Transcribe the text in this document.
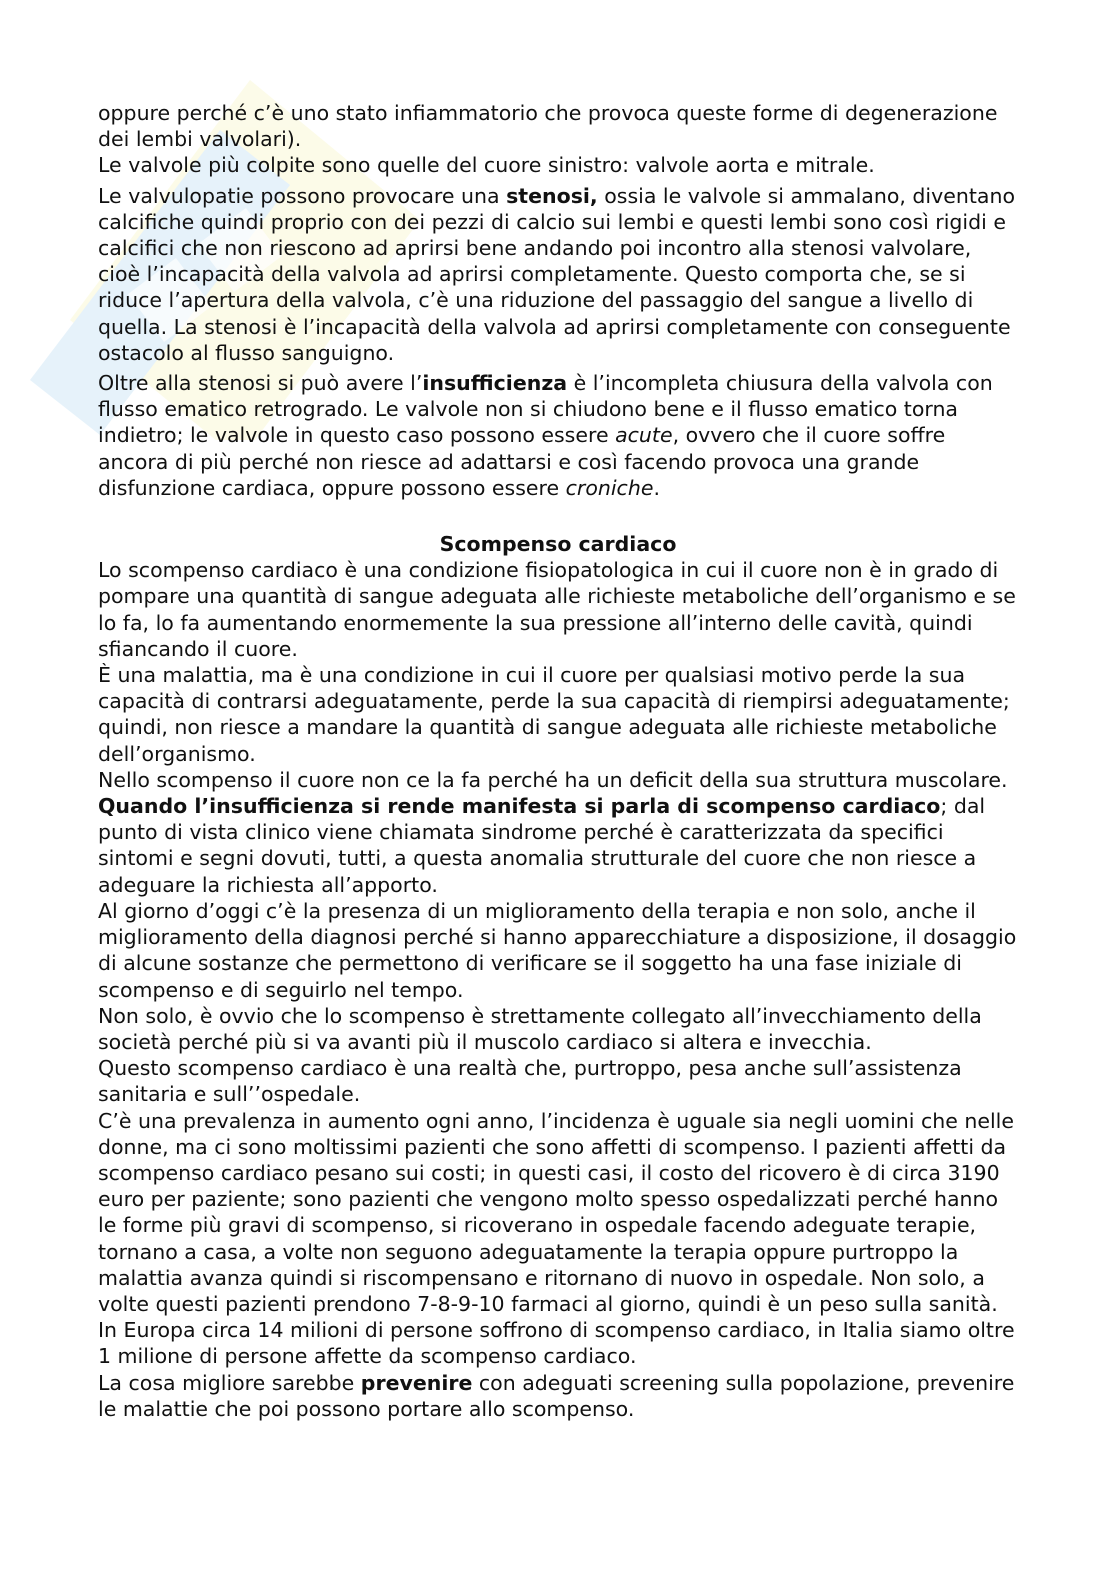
oppure perché c’è uno stato infiammatorio che provoca queste forme di degenerazione dei lembi valvolari).

Le valvole più colpite sono quelle del cuore sinistro: valvole aorta e mitrale.

Le valvulopatie possono provocare una stenosi, ossia le valvole si ammalano, diventano calcifiche quindi proprio con dei pezzi di calcio sui lembi e questi lembi sono così rigidi e calcifici che non riescono ad aprirsi bene andando poi incontro alla stenosi valvolare, cioè l’incapacità della valvola ad aprirsi completamente. Questo comporta che, se si riduce l’apertura della valvola, c’è una riduzione del passaggio del sangue a livello di quella. La stenosi è l’incapacità della valvola ad aprirsi completamente con conseguente ostacolo al flusso sanguigno.

Oltre alla stenosi si può avere l’insufficienza è l’incompleta chiusura della valvola con flusso ematico retrogrado. Le valvole non si chiudono bene e il flusso ematico torna indietro; le valvole in questo caso possono essere acute, ovvero che il cuore soffre ancora di più perché non riesce ad adattarsi e così facendo provoca una grande disfunzione cardiaca, oppure possono essere croniche.

Scompenso cardiaco

Lo scompenso cardiaco è una condizione fisiopatologica in cui il cuore non è in grado di pompare una quantità di sangue adeguata alle richieste metaboliche dell’organismo e se lo fa, lo fa aumentando enormemente la sua pressione all’interno delle cavità, quindi sfiancando il cuore.

È una malattia, ma è una condizione in cui il cuore per qualsiasi motivo perde la sua capacità di contrarsi adeguatamente, perde la sua capacità di riempirsi adeguatamente; quindi, non riesce a mandare la quantità di sangue adeguata alle richieste metaboliche dell’organismo.

Nello scompenso il cuore non ce la fa perché ha un deficit della sua struttura muscolare.

Quando l’insufficienza si rende manifesta si parla di scompenso cardiaco; dal punto di vista clinico viene chiamata sindrome perché è caratterizzata da specifici sintomi e segni dovuti, tutti, a questa anomalia strutturale del cuore che non riesce a adeguare la richiesta all’apporto.

Al giorno d’oggi c’è la presenza di un miglioramento della terapia e non solo, anche il miglioramento della diagnosi perché si hanno apparecchiature a disposizione, il dosaggio di alcune sostanze che permettono di verificare se il soggetto ha una fase iniziale di scompenso e di seguirlo nel tempo.

Non solo, è ovvio che lo scompenso è strettamente collegato all’invecchiamento della società perché più si va avanti più il muscolo cardiaco si altera e invecchia.

Questo scompenso cardiaco è una realtà che, purtroppo, pesa anche sull’assistenza sanitaria e sull’’ospedale.

C’è una prevalenza in aumento ogni anno, l’incidenza è uguale sia negli uomini che nelle donne, ma ci sono moltissimi pazienti che sono affetti di scompenso. I pazienti affetti da scompenso cardiaco pesano sui costi; in questi casi, il costo del ricovero è di circa 3190 euro per paziente; sono pazienti che vengono molto spesso ospedalizzati perché hanno le forme più gravi di scompenso, si ricoverano in ospedale facendo adeguate terapie, tornano a casa, a volte non seguono adeguatamente la terapia oppure purtroppo la malattia avanza quindi si riscompensano e ritornano di nuovo in ospedale. Non solo, a volte questi pazienti prendono 7-8-9-10 farmaci al giorno, quindi è un peso sulla sanità. In Europa circa 14 milioni di persone soffrono di scompenso cardiaco, in Italia siamo oltre 1 milione di persone affette da scompenso cardiaco.

La cosa migliore sarebbe prevenire con adeguati screening sulla popolazione, prevenire le malattie che poi possono portare allo scompenso.
